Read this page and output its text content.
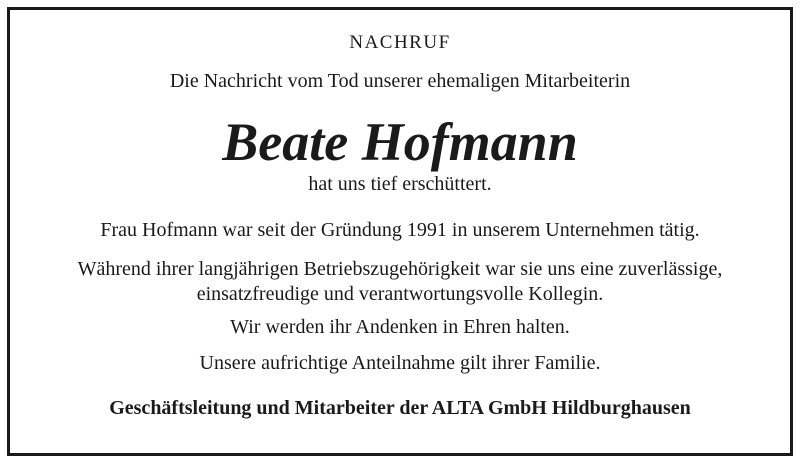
NACHRUF

Die Nachricht vom Tod unserer ehemaligen Mitarbeiterin

Beate Hofmann

hat uns tief erschüttert.

Frau Hofmann war seit der Gründung 1991 in unserem Unternehmen tätig.

Während ihrer langjährigen Betriebszugehörigkeit war sie uns eine zuverlässige,

einsatzfreudige und verantwortungsvolle Kollegin.

Wir werden ihr Andenken in Ehren halten.

Unsere aufrichtige Anteilnahme gilt ihrer Familie.

Geschäftsleitung und Mitarbeiter der ALTA GmbH Hildburghausen
